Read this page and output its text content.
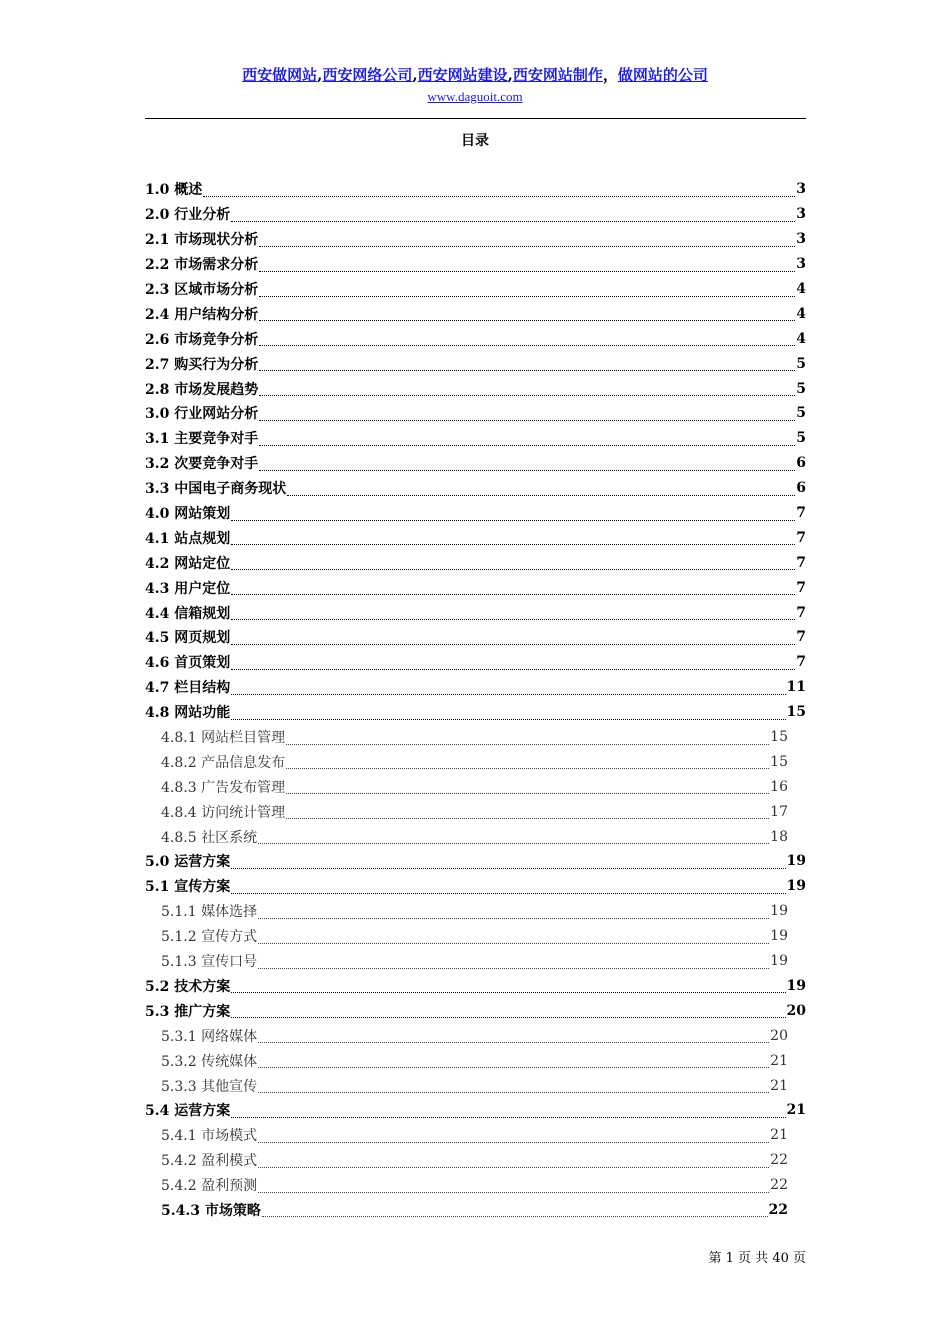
西安做网站,西安网络公司,西安网站建设,西安网站制作，做网站的公司
www.daguoit.com
目录
1.0 概述	3
2.0 行业分析	3
2.1 市场现状分析	3
2.2 市场需求分析	3
2.3 区域市场分析	4
2.4 用户结构分析	4
2.6 市场竞争分析	4
2.7 购买行为分析	5
2.8 市场发展趋势	5
3.0 行业网站分析	5
3.1 主要竞争对手	5
3.2 次要竞争对手	6
3.3 中国电子商务现状	6
4.0 网站策划	7
4.1 站点规划	7
4.2 网站定位	7
4.3 用户定位	7
4.4 信箱规划	7
4.5 网页规划	7
4.6 首页策划	7
4.7 栏目结构	11
4.8 网站功能	15
4.8.1 网站栏目管理	15
4.8.2 产品信息发布	15
4.8.3 广告发布管理	16
4.8.4 访问统计管理	17
4.8.5 社区系统	18
5.0 运营方案	19
5.1 宣传方案	19
5.1.1 媒体选择	19
5.1.2 宣传方式	19
5.1.3 宣传口号	19
5.2 技术方案	19
5.3 推广方案	20
5.3.1 网络媒体	20
5.3.2 传统媒体	21
5.3.3 其他宣传	21
5.4 运营方案	21
5.4.1 市场模式	21
5.4.2 盈利模式	22
5.4.2 盈利预测	22
5.4.3 市场策略	22
第 1 页 共 40 页
